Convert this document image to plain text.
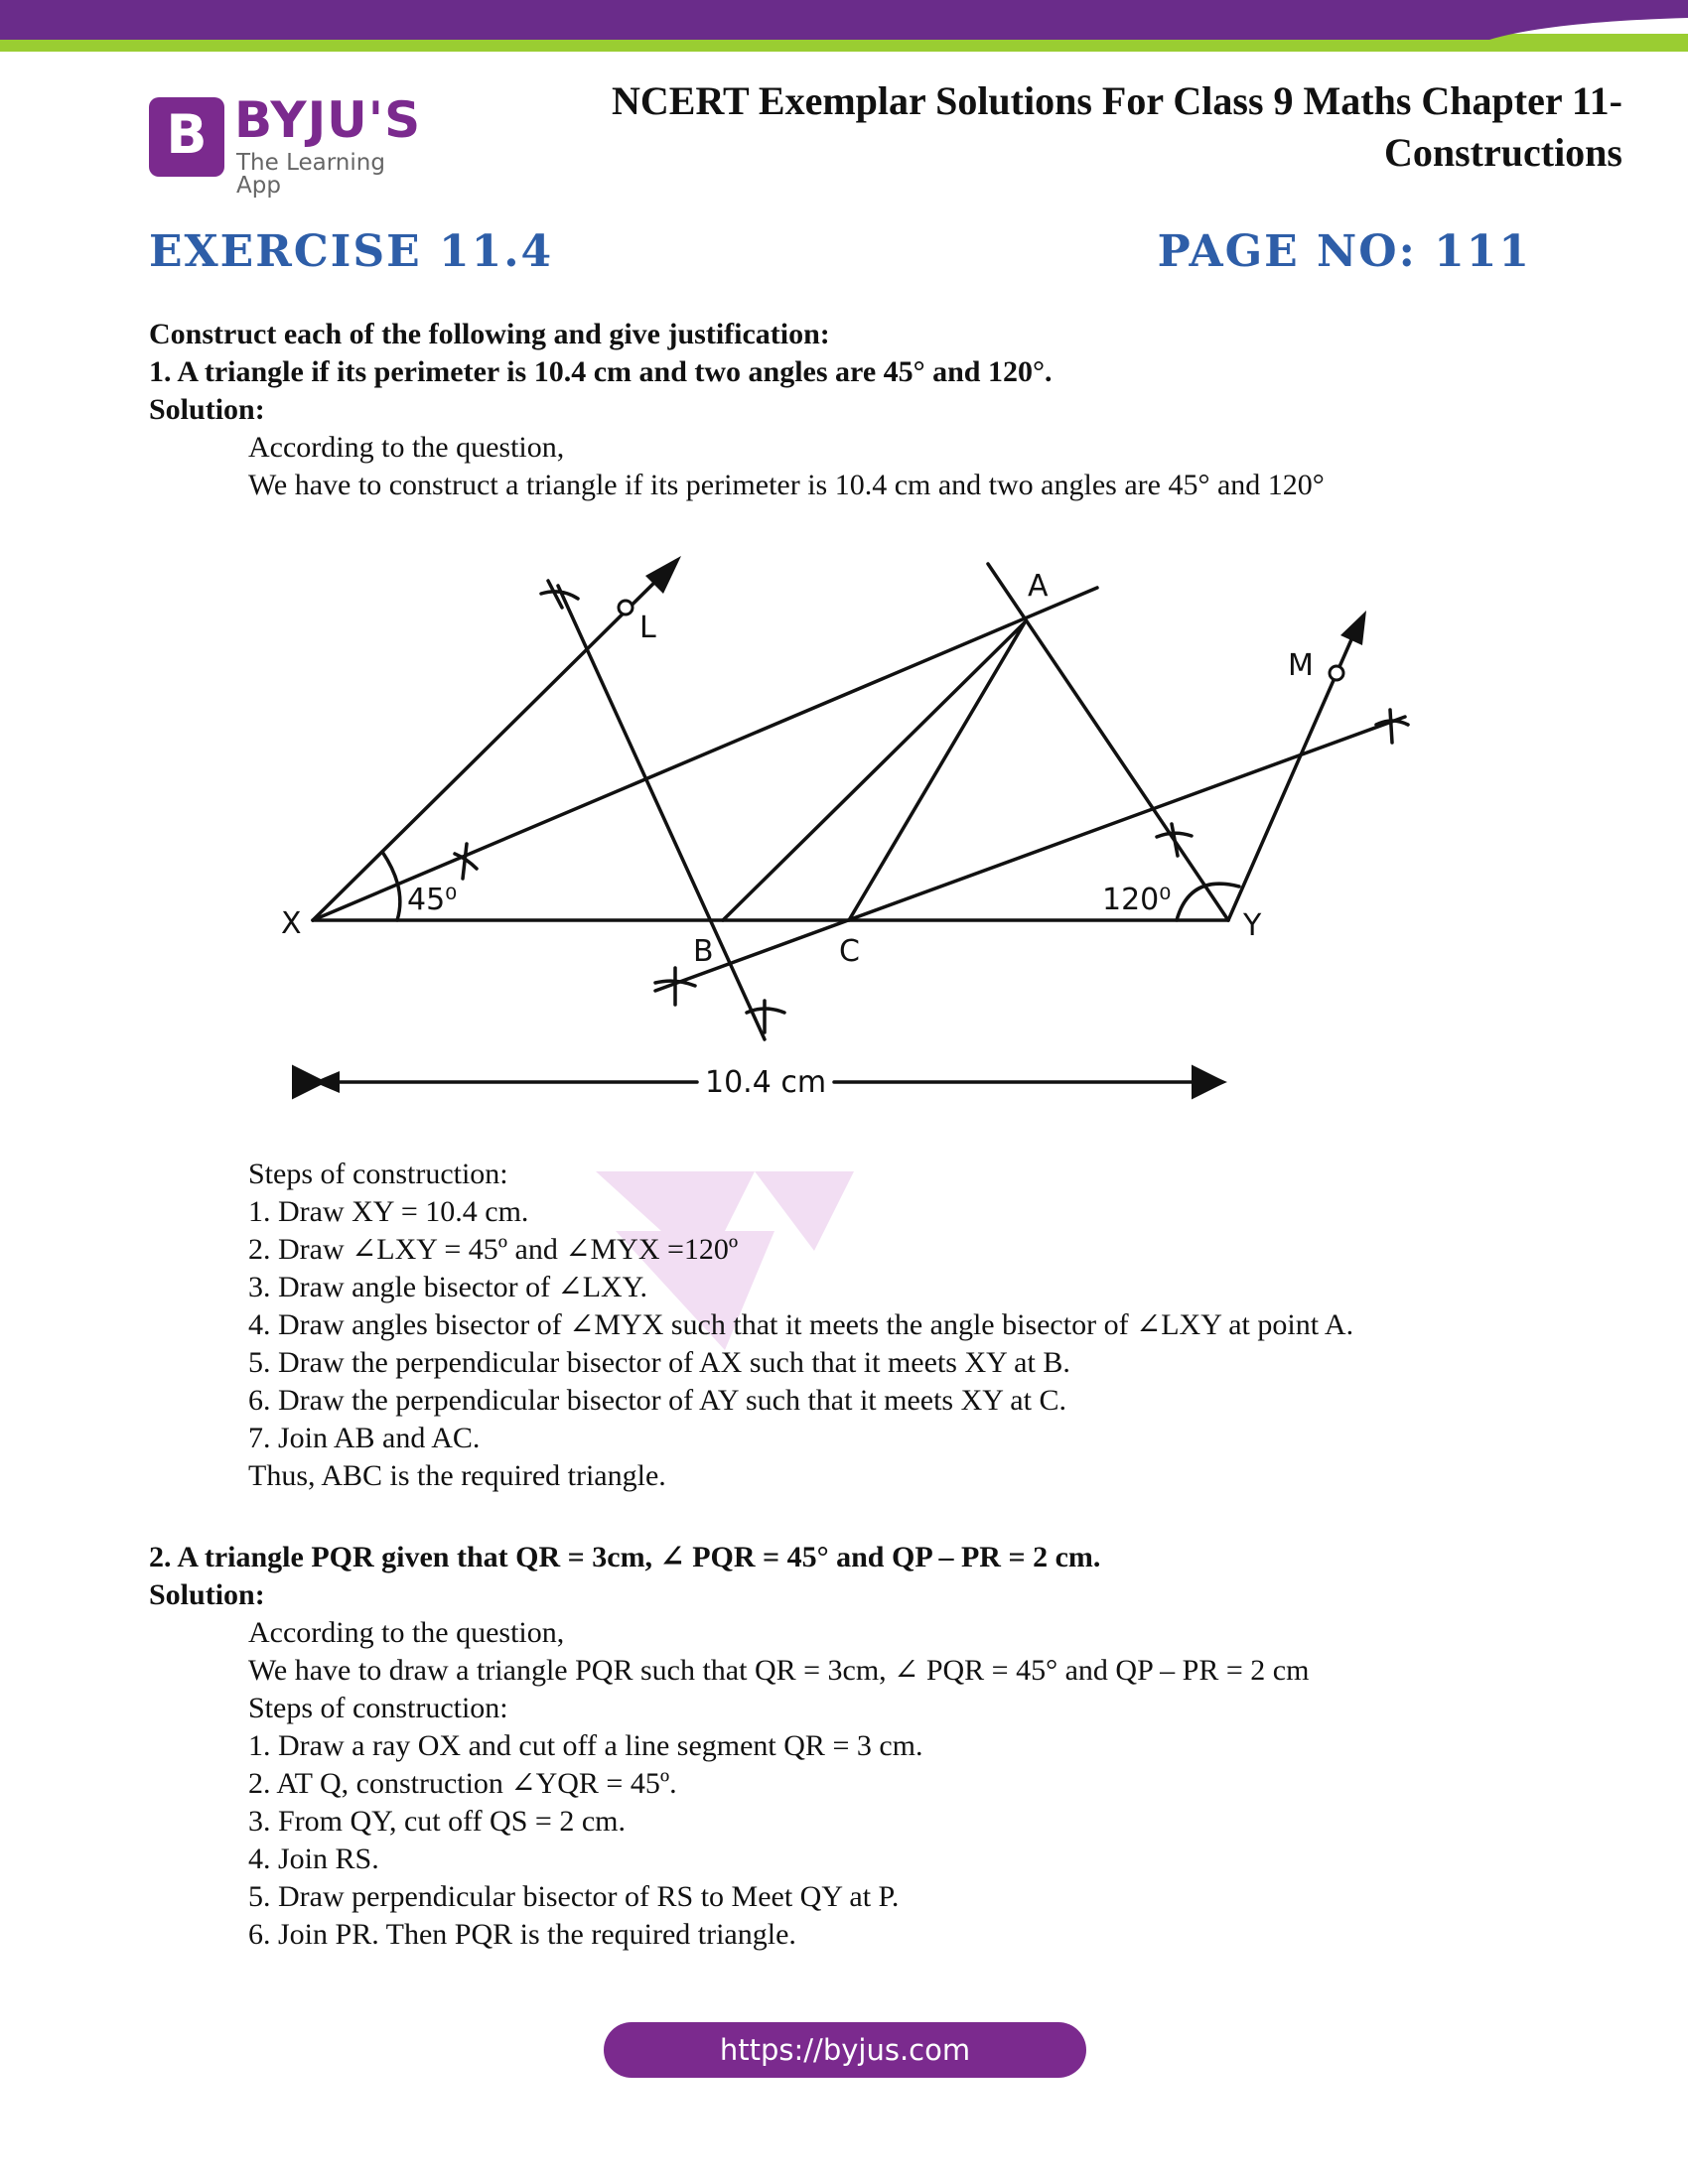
B BYJU'S
The Learning App
NCERT Exemplar Solutions For Class 9 Maths Chapter 11-
Constructions
EXERCISE 11.4	PAGE NO: 111
Construct each of the following and give justification:
1. A triangle if its perimeter is 10.4 cm and two angles are 45° and 120°.
Solution:
According to the question,
We have to construct a triangle if its perimeter is 10.4 cm and two angles are 45° and 120°
X	Y
A
B	C
L
M
45⁰	120⁰
10.4 cm
Steps of construction:
1. Draw XY = 10.4 cm.
2. Draw ∠LXY = 45º and ∠MYX =120º
3. Draw angle bisector of ∠LXY.
4. Draw angles bisector of ∠MYX such that it meets the angle bisector of ∠LXY at point A.
5. Draw the perpendicular bisector of AX such that it meets XY at B.
6. Draw the perpendicular bisector of AY such that it meets XY at C.
7. Join AB and AC.
Thus, ABC is the required triangle.
2. A triangle PQR given that QR = 3cm, ∠ PQR = 45° and QP – PR = 2 cm.
Solution:
According to the question,
We have to draw a triangle PQR such that QR = 3cm, ∠ PQR = 45° and QP – PR = 2 cm
Steps of construction:
1. Draw a ray OX and cut off a line segment QR = 3 cm.
2. AT Q, construction ∠YQR = 45º.
3. From QY, cut off QS = 2 cm.
4. Join RS.
5. Draw perpendicular bisector of RS to Meet QY at P.
6. Join PR. Then PQR is the required triangle.
https://byjus.com
